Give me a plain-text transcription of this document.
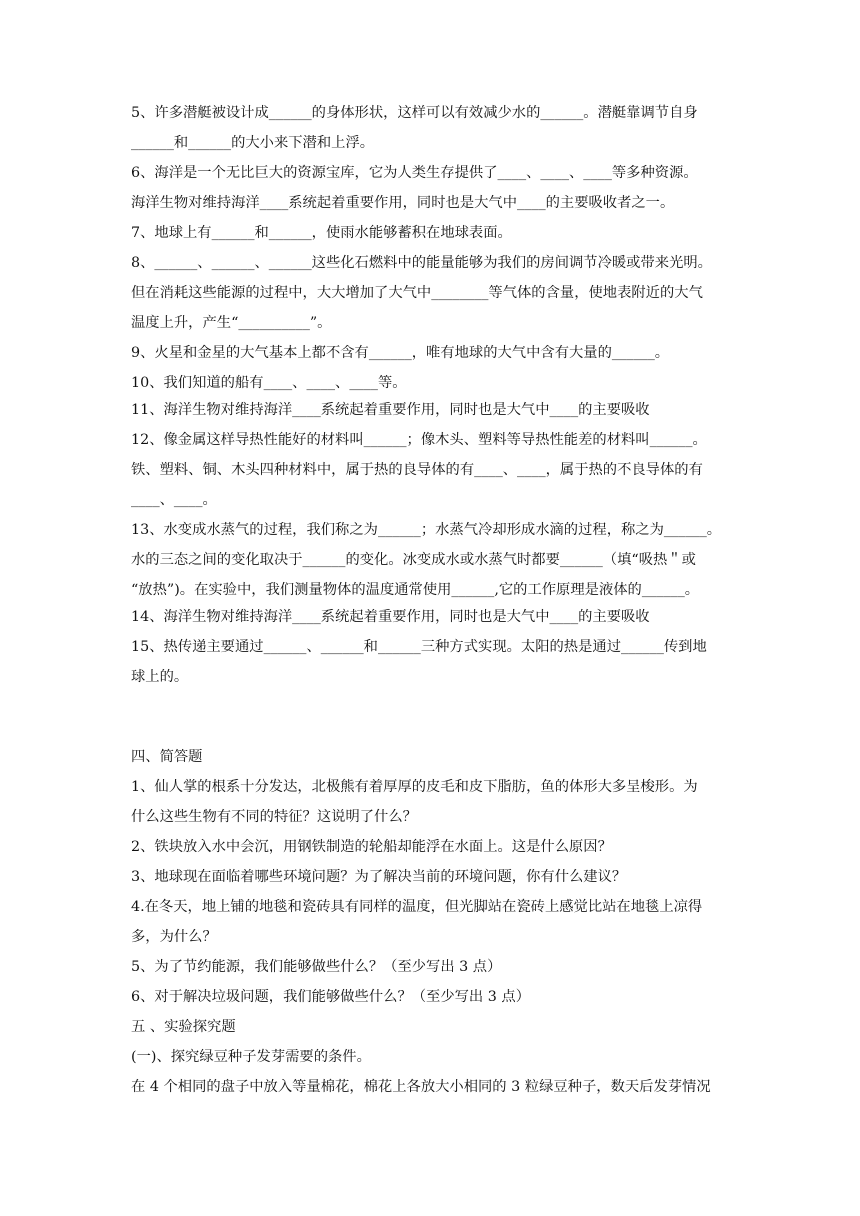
5、许多潜艇被设计成______的身体形状，这样可以有效减少水的______。潜艇靠调节自身
______和______的大小来下潜和上浮。
6、海洋是一个无比巨大的资源宝库，它为人类生存提供了____、____、____等多种资源。
海洋生物对维持海洋____系统起着重要作用，同时也是大气中____的主要吸收者之一。
7、地球上有______和______，使雨水能够蓄积在地球表面。
8、______、______、______这些化石燃料中的能量能够为我们的房间调节冷暖或带来光明。
但在消耗这些能源的过程中，大大增加了大气中________等气体的含量，使地表附近的大气
温度上升，产生“__________”。
9、火星和金星的大气基本上都不含有______，唯有地球的大气中含有大量的______。
10、我们知道的船有____、____、____等。
11、海洋生物对维持海洋____系统起着重要作用，同时也是大气中____的主要吸收
12、像金属这样导热性能好的材料叫______；像木头、塑料等导热性能差的材料叫______。
铁、塑料、铜、木头四种材料中，属于热的良导体的有____、____，属于热的不良导体的有
____、____。
13、水变成水蒸气的过程，我们称之为______；水蒸气冷却形成水滴的过程，称之为______。
水的三态之间的变化取决于______的变化。冰变成水或水蒸气时都要______（填“吸热＂或
“放热”)。在实验中，我们测量物体的温度通常使用______,它的工作原理是液体的______。
14、海洋生物对维持海洋____系统起着重要作用，同时也是大气中____的主要吸收
15、热传递主要通过______、______和______三种方式实现。太阳的热是通过______传到地
球上的。
四、简答题
1、仙人掌的根系十分发达，北极熊有着厚厚的皮毛和皮下脂肪，鱼的体形大多呈梭形。为
什么这些生物有不同的特征？这说明了什么？
2、铁块放入水中会沉，用钢铁制造的轮船却能浮在水面上。这是什么原因？
3、地球现在面临着哪些环境问题？为了解决当前的环境问题，你有什么建议？
4.在冬天，地上铺的地毯和瓷砖具有同样的温度，但光脚站在瓷砖上感觉比站在地毯上凉得
多，为什么？
5、为了节约能源，我们能够做些什么？（至少写出 3 点）
6、对于解决垃圾问题，我们能够做些什么？（至少写出 3 点）
五 、实验探究题
(一)、探究绿豆种子发芽需要的条件。
在 4 个相同的盘子中放入等量棉花，棉花上各放大小相同的 3 粒绿豆种子，数天后发芽情况
